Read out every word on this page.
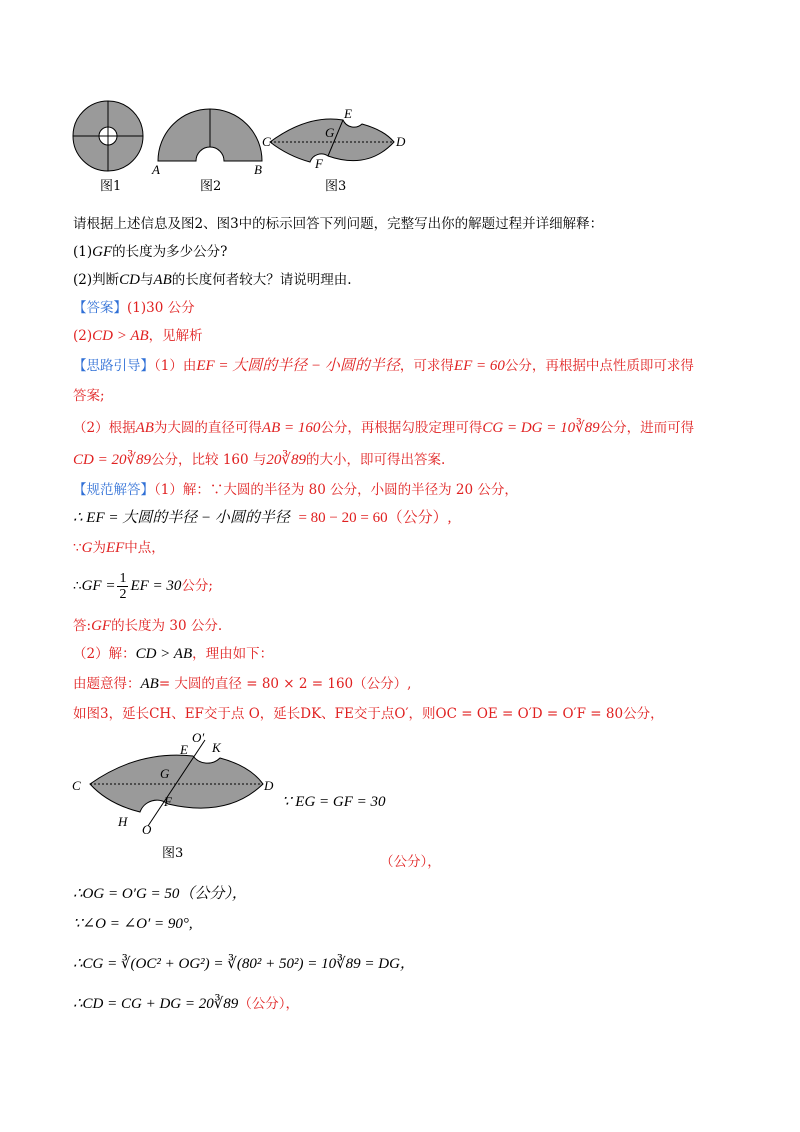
图1
A	B
图2
C	D
E
F
G
图3
请根据上述信息及图2、图3中的标示回答下列问题，完整写出你的解题过程并详细解释：
(1)GF的长度为多少公分?
(2)判断CD与AB的长度何者较大？请说明理由.
【答案】(1)30 公分
(2)CD > AB，见解析
【思路引导】（1）由EF = 大圆的半径 − 小圆的半径，可求得EF = 60公分，再根据中点性质即可求得
答案;
（2）根据AB为大圆的直径可得AB = 160公分，再根据勾股定理可得CG = DG = 10∛89公分，进而可得
CD = 20∛89公分，比较 160 与20∛89的大小，即可得出答案.
【规范解答】（1）解：∵大圆的半径为 80 公分，小圆的半径为 20 公分，
∴ EF = 大圆的半径 − 小圆的半径 = 80 − 20 = 60（公分）,
∵G为EF中点，
∴GF = $\frac{1}{2}$ EF = 30公分;
答:GF的长度为 30 公分.
（2）解：CD > AB，理由如下：
由题意得：AB= 大圆的直径 = 80 × 2 = 160（公分）,
如图3，延长CH、EF交于点 O，延长DK、FE交于点O′，则OC = OE = O′D = O′F = 80公分，
C	D
E
F
G
H
K
O
O′
图3
∵ EG = GF = 30
（公分），
∴OG = O′G = 50（公分），
∵∠O = ∠O′ = 90°,
∴CG = ∛(OC² + OG²) = ∛(80² + 50²) = 10∛89 = DG，
∴CD = CG + DG = 20∛89（公分），
